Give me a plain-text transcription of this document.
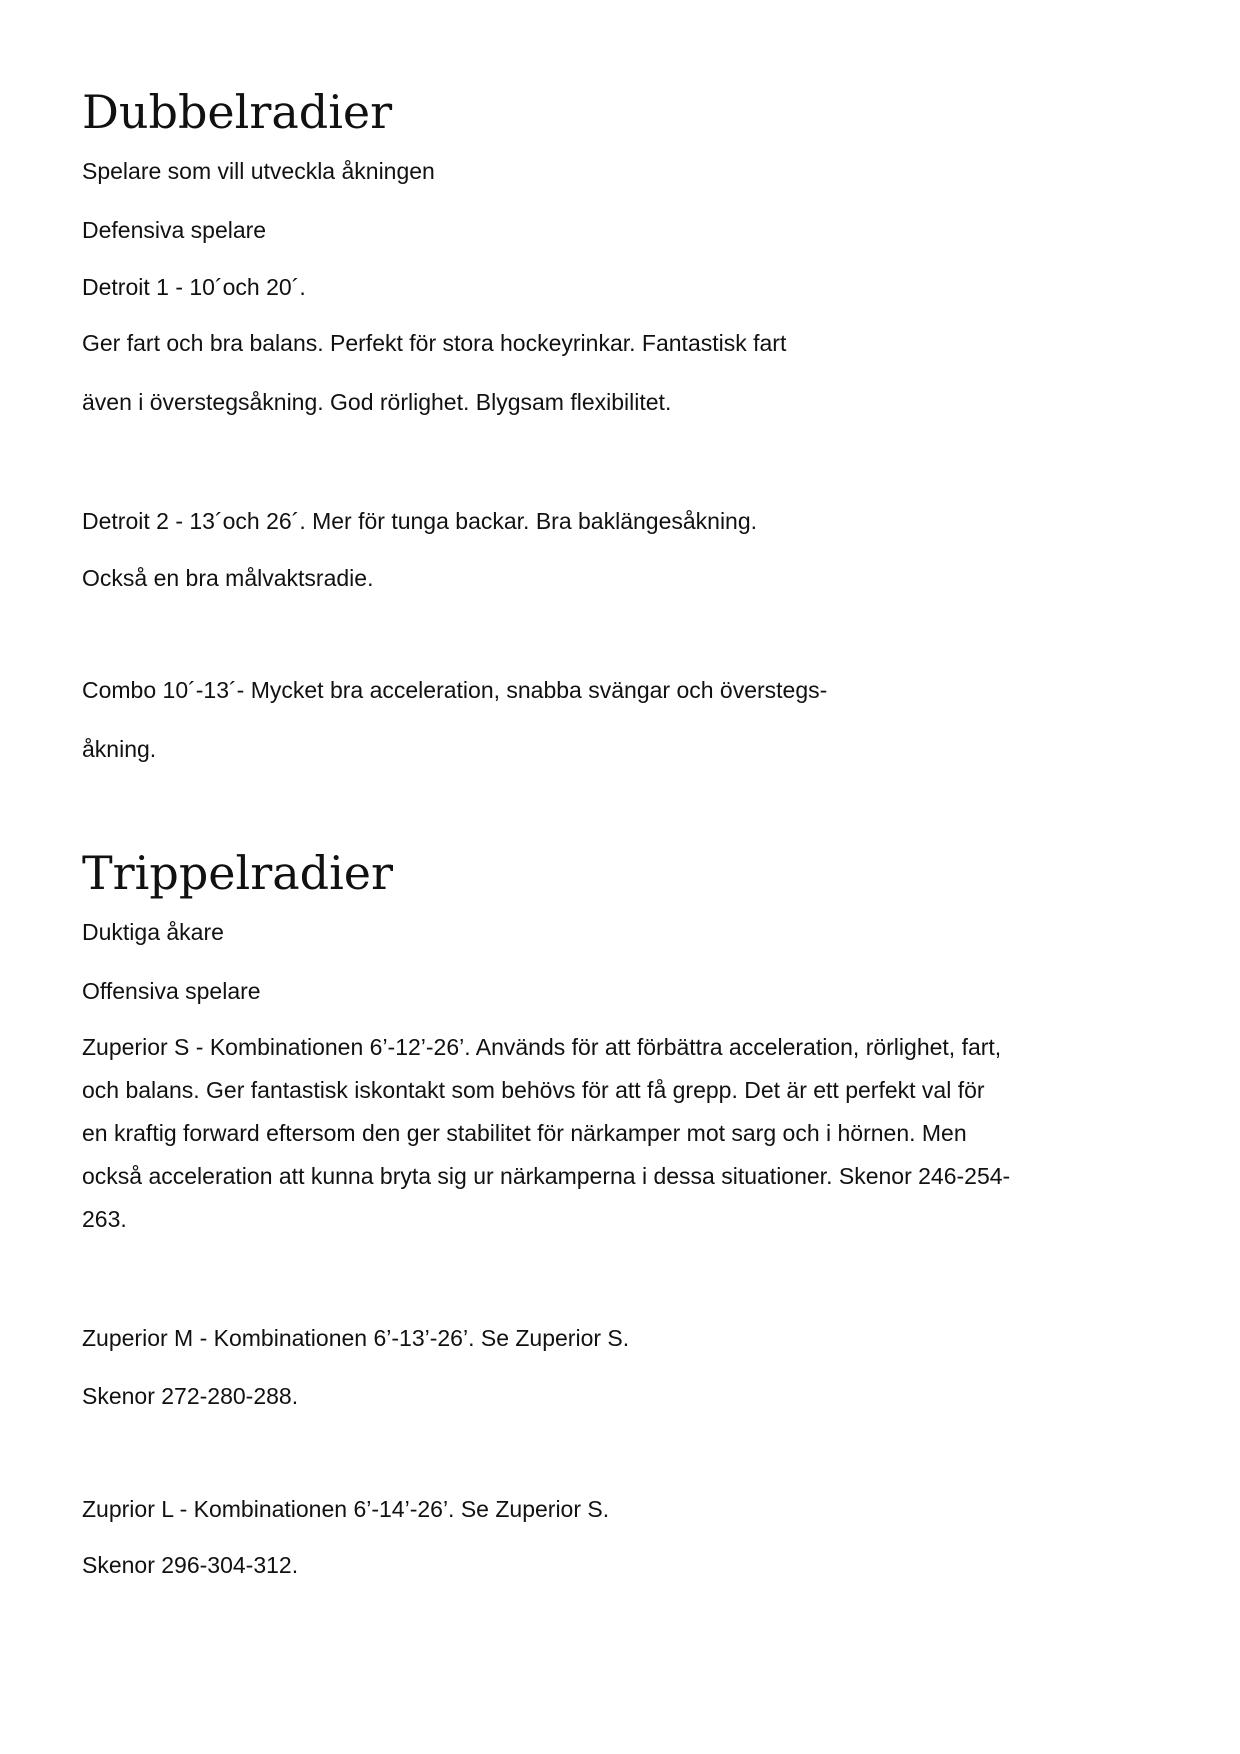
Dubbelradier

Spelare som vill utveckla åkningen

Defensiva spelare

Detroit 1 - 10´och 20´.

Ger fart och bra balans. Perfekt för stora hockeyrinkar. Fantastisk fart

även i överstegsåkning. God rörlighet. Blygsam flexibilitet.

Detroit 2 - 13´och 26´. Mer för tunga backar. Bra baklängesåkning.

Också en bra målvaktsradie.

Combo 10´-13´- Mycket bra acceleration, snabba svängar och överstegs-

åkning.

Trippelradier

Duktiga åkare

Offensiva spelare

Zuperior S - Kombinationen 6’-12’-26’. Används för att förbättra acceleration, rörlighet, fart,
och balans. Ger fantastisk iskontakt som behövs för att få grepp. Det är ett perfekt val för
en kraftig forward eftersom den ger stabilitet för närkamper mot sarg och i hörnen. Men
också acceleration att kunna bryta sig ur närkamperna i dessa situationer. Skenor 246-254-
263.

Zuperior M - Kombinationen 6’-13’-26’. Se Zuperior S.

Skenor 272-280-288.

Zuprior L - Kombinationen 6’-14’-26’. Se Zuperior S.

Skenor 296-304-312.
